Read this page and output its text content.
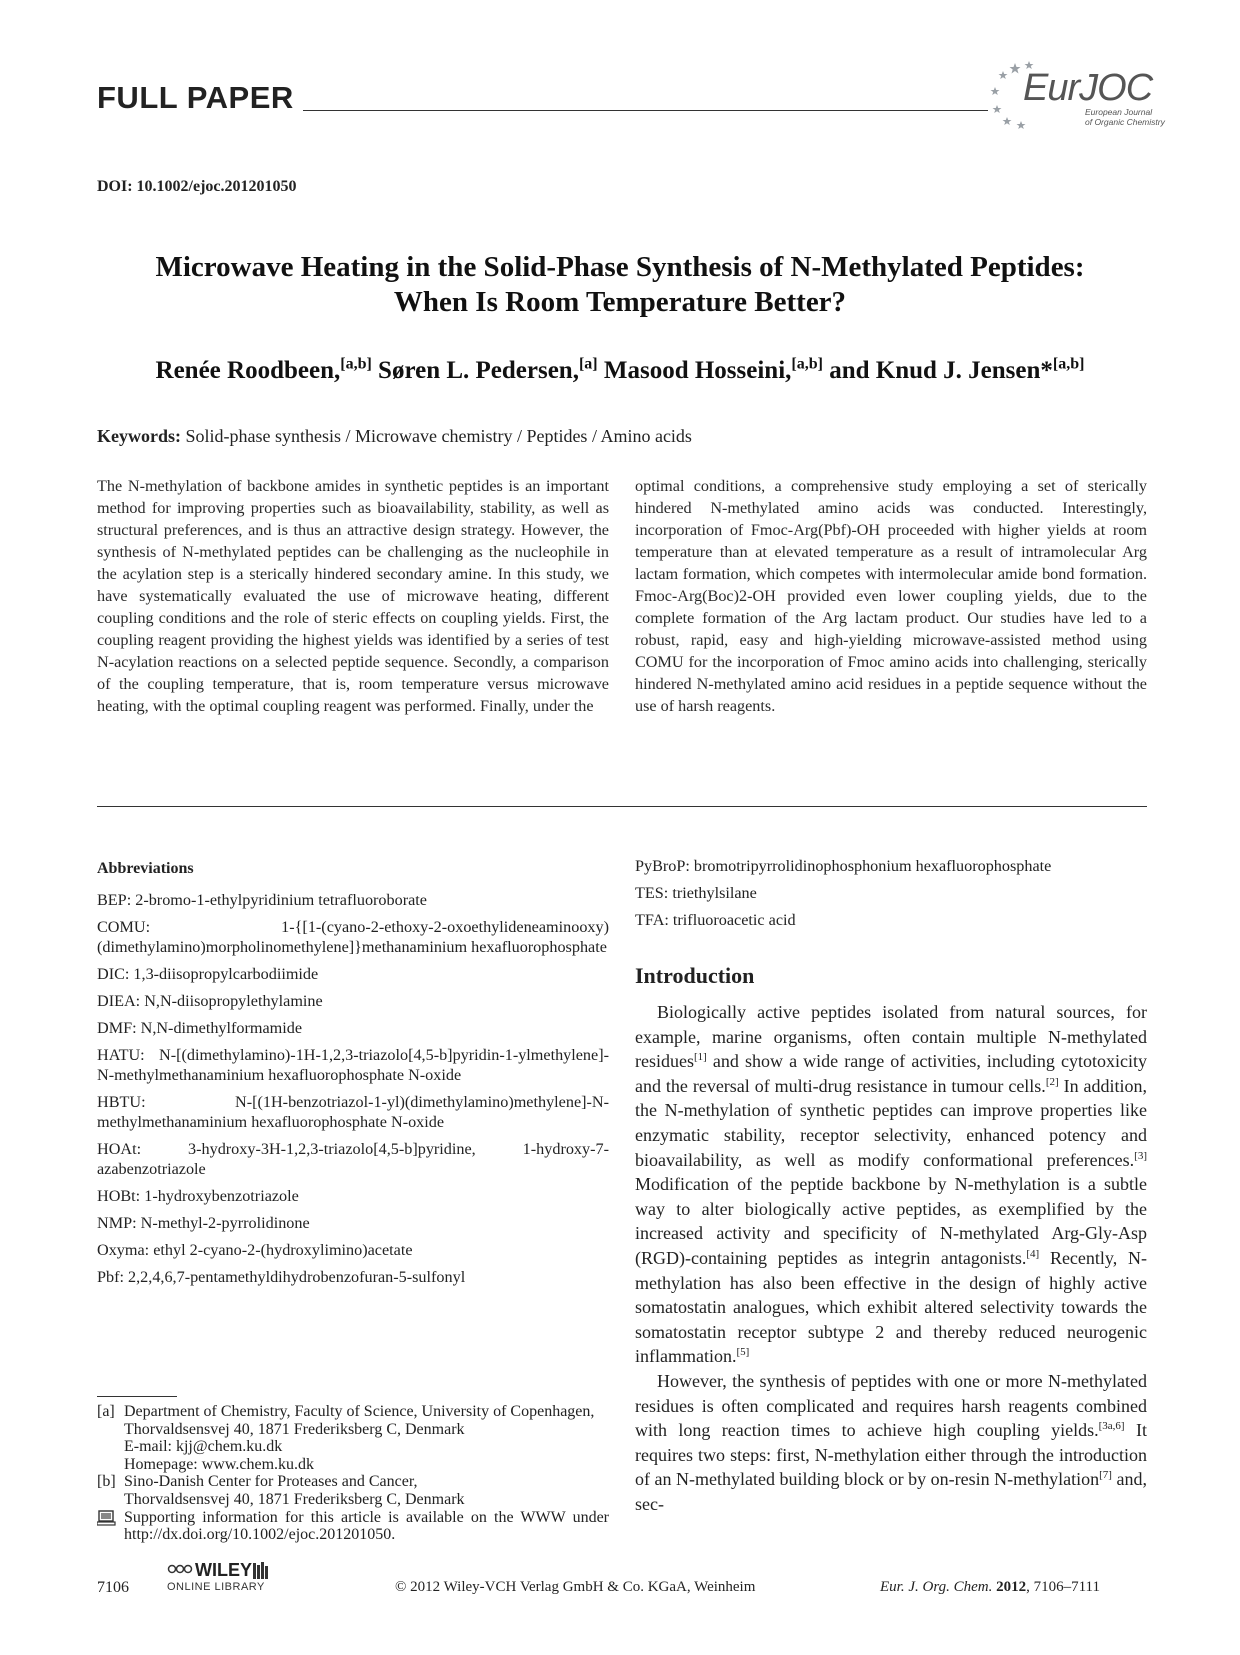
FULL PAPER	EurJOC
European Journal
of Organic Chemistry
DOI: 10.1002/ejoc.201201050
Microwave Heating in the Solid-Phase Synthesis of N-Methylated Peptides:
When Is Room Temperature Better?
Renée Roodbeen,[a,b] Søren L. Pedersen,[a] Masood Hosseini,[a,b] and Knud J. Jensen*[a,b]
Keywords: Solid-phase synthesis / Microwave chemistry / Peptides / Amino acids

The N-methylation of backbone amides in synthetic peptides is an important method for improving properties such as bioavailability, stability, as well as structural preferences, and is thus an attractive design strategy. However, the synthesis of N-methylated peptides can be challenging as the nucleophile in the acylation step is a sterically hindered secondary amine. In this study, we have systematically evaluated the use of microwave heating, different coupling conditions and the role of steric effects on coupling yields. First, the coupling reagent providing the highest yields was identified by a series of test N-acylation reactions on a selected peptide sequence. Secondly, a comparison of the coupling temperature, that is, room temperature versus microwave heating, with the optimal coupling reagent was performed. Finally, under the

optimal conditions, a comprehensive study employing a set of sterically hindered N-methylated amino acids was conducted. Interestingly, incorporation of Fmoc-Arg(Pbf)-OH proceeded with higher yields at room temperature than at elevated temperature as a result of intramolecular Arg lactam formation, which competes with intermolecular amide bond formation. Fmoc-Arg(Boc)2-OH provided even lower coupling yields, due to the complete formation of the Arg lactam product. Our studies have led to a robust, rapid, easy and high-yielding microwave-assisted method using COMU for the incorporation of Fmoc amino acids into challenging, sterically hindered N-methylated amino acid residues in a peptide sequence without the use of harsh reagents.

Abbreviations
BEP: 2-bromo-1-ethylpyridinium tetrafluoroborate
COMU: 1-{[1-(cyano-2-ethoxy-2-oxoethylideneaminooxy)(dimethylamino)morpholinomethylene]}methanaminium hexafluorophosphate
DIC: 1,3-diisopropylcarbodiimide
DIEA: N,N-diisopropylethylamine
DMF: N,N-dimethylformamide
HATU: N-[(dimethylamino)-1H-1,2,3-triazolo[4,5-b]pyridin-1-ylmethylene]-N-methylmethanaminium hexafluorophosphate N-oxide
HBTU: N-[(1H-benzotriazol-1-yl)(dimethylamino)methylene]-N-methylmethanaminium hexafluorophosphate N-oxide
HOAt: 3-hydroxy-3H-1,2,3-triazolo[4,5-b]pyridine, 1-hydroxy-7-azabenzotriazole
HOBt: 1-hydroxybenzotriazole
NMP: N-methyl-2-pyrrolidinone
Oxyma: ethyl 2-cyano-2-(hydroxylimino)acetate
Pbf: 2,2,4,6,7-pentamethyldihydrobenzofuran-5-sulfonyl
PyBroP: bromotripyrrolidinophosphonium hexafluorophosphate
TES: triethylsilane
TFA: trifluoroacetic acid
Introduction

Biologically active peptides isolated from natural sources, for example, marine organisms, often contain multiple N-methylated residues[1] and show a wide range of activities, including cytotoxicity and the reversal of multi-drug resistance in tumour cells.[2] In addition, the N-methylation of synthetic peptides can improve properties like enzymatic stability, receptor selectivity, enhanced potency and bioavailability, as well as modify conformational preferences.[3] Modification of the peptide backbone by N-methylation is a subtle way to alter biologically active peptides, as exemplified by the increased activity and specificity of N-methylated Arg-Gly-Asp (RGD)-containing peptides as integrin antagonists.[4] Recently, N-methylation has also been effective in the design of highly active somatostatin analogues, which exhibit altered selectivity towards the somatostatin receptor subtype 2 and thereby reduced neurogenic inflammation.[5]

However, the synthesis of peptides with one or more N-methylated residues is often complicated and requires harsh reagents combined with long reaction times to achieve high coupling yields.[3a,6] It requires two steps: first, N-methylation either through the introduction of an N-methylated building block or by on-resin N-methylation[7] and, sec-

[a] Department of Chemistry, Faculty of Science, University of Copenhagen,
Thorvaldsensvej 40, 1871 Frederiksberg C, Denmark
E-mail: kjj@chem.ku.dk
Homepage: www.chem.ku.dk
[b] Sino-Danish Center for Proteases and Cancer,
Thorvaldsensvej 40, 1871 Frederiksberg C, Denmark
Supporting information for this article is available on the WWW under http://dx.doi.org/10.1002/ejoc.201201050.
WILEY
ONLINE LIBRARY
7106	© 2012 Wiley-VCH Verlag GmbH & Co. KGaA, Weinheim	Eur. J. Org. Chem. 2012, 7106–7111
